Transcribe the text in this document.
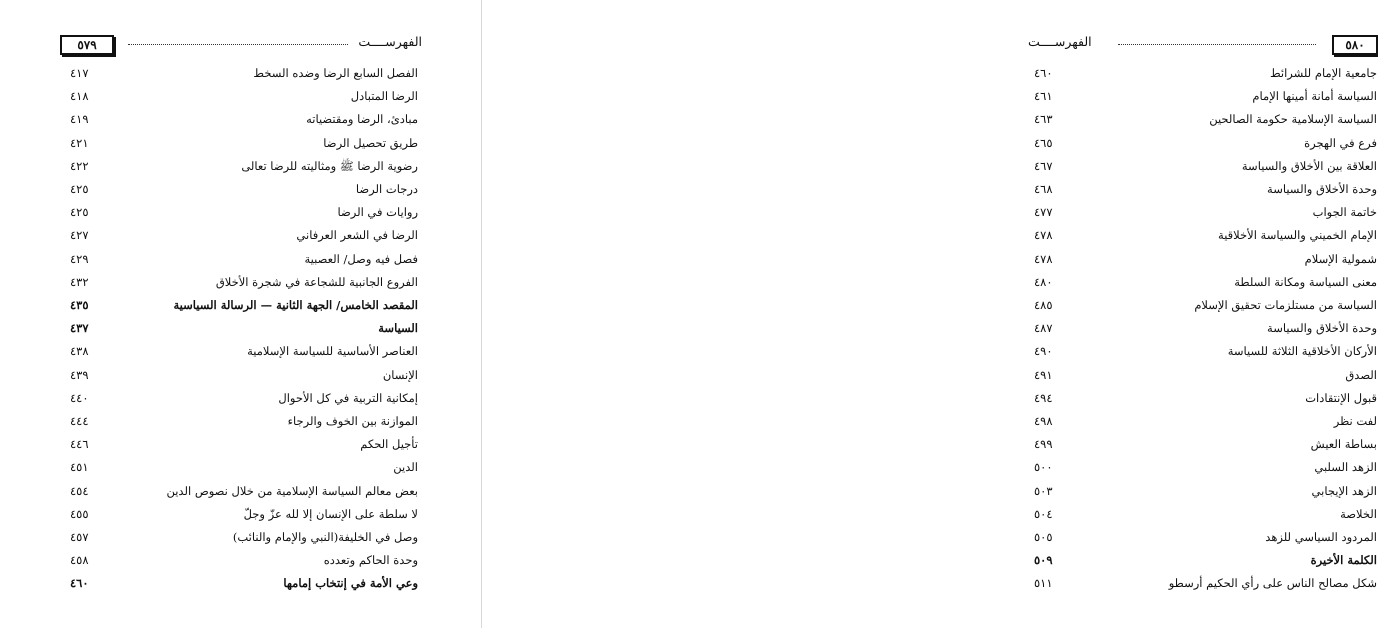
٥٧٩	الفهرســــت
الفصل السابع الرضا وضده السخط
٤١٧
الرضا المتبادل
٤١٨
مبادئ، الرضا ومقتضياته
٤١٩
طريق تحصيل الرضا
٤٢١
رضوية الرضا ﷺ ومثاليته للرضا تعالى
٤٢٢
درجات الرضا
٤٢٥
روايات في الرضا
٤٢٥
الرضا في الشعر العرفاني
٤٢٧
فصل فيه وصل/ العصبية
٤٢٩
الفروع الجانبية للشجاعة في شجرة الأخلاق
٤٣٢
المقصد الخامس/ الجهة الثانية — الرسالة السياسية
٤٣٥
السياسة
٤٣٧
العناصر الأساسية للسياسة الإسلامية
٤٣٨
الإنسان
٤٣٩
إمكانية التربية في كل الأحوال
٤٤٠
الموازنة بين الخوف والرجاء
٤٤٤
تأجيل الحكم
٤٤٦
الدين
٤٥١
بعض معالم السياسة الإسلامية من خلال نصوص الدين
٤٥٤
لا سلطة على الإنسان إلا لله عزّ وجلّ
٤٥٥
وصل في الخليفة(النبي والإمام والنائب)
٤٥٧
وحدة الحاكم وتعدده
٤٥٨
وعي الأمة في إنتخاب إمامها
٤٦٠
الفهرســــت	٥٨٠
جامعية الإمام للشرائط
٤٦٠
السياسة أمانة أمينها الإمام
٤٦١
السياسة الإسلامية حكومة الصالحين
٤٦٣
فرع في الهجرة
٤٦٥
العلاقة بين الأخلاق والسياسة
٤٦٧
وحدة الأخلاق والسياسة
٤٦٨
خاتمة الجواب
٤٧٧
الإمام الخميني والسياسة الأخلاقية
٤٧٨
شمولية الإسلام
٤٧٨
معنى السياسة ومكانة السلطة
٤٨٠
السياسة من مستلزمات تحقيق الإسلام
٤٨٥
وحدة الأخلاق والسياسة
٤٨٧
الأركان الأخلاقية الثلاثة للسياسة
٤٩٠
الصدق
٤٩١
قبول الإنتقادات
٤٩٤
لفت نظر
٤٩٨
بساطة العيش
٤٩٩
الزهد السلبي
٥٠٠
الزهد الإيجابي
٥٠٣
الخلاصة
٥٠٤
المردود السياسي للزهد
٥٠٥
الكلمة الأخيرة
٥٠٩
شكل مصالح الناس على رأي الحكيم أرسطو
٥١١
